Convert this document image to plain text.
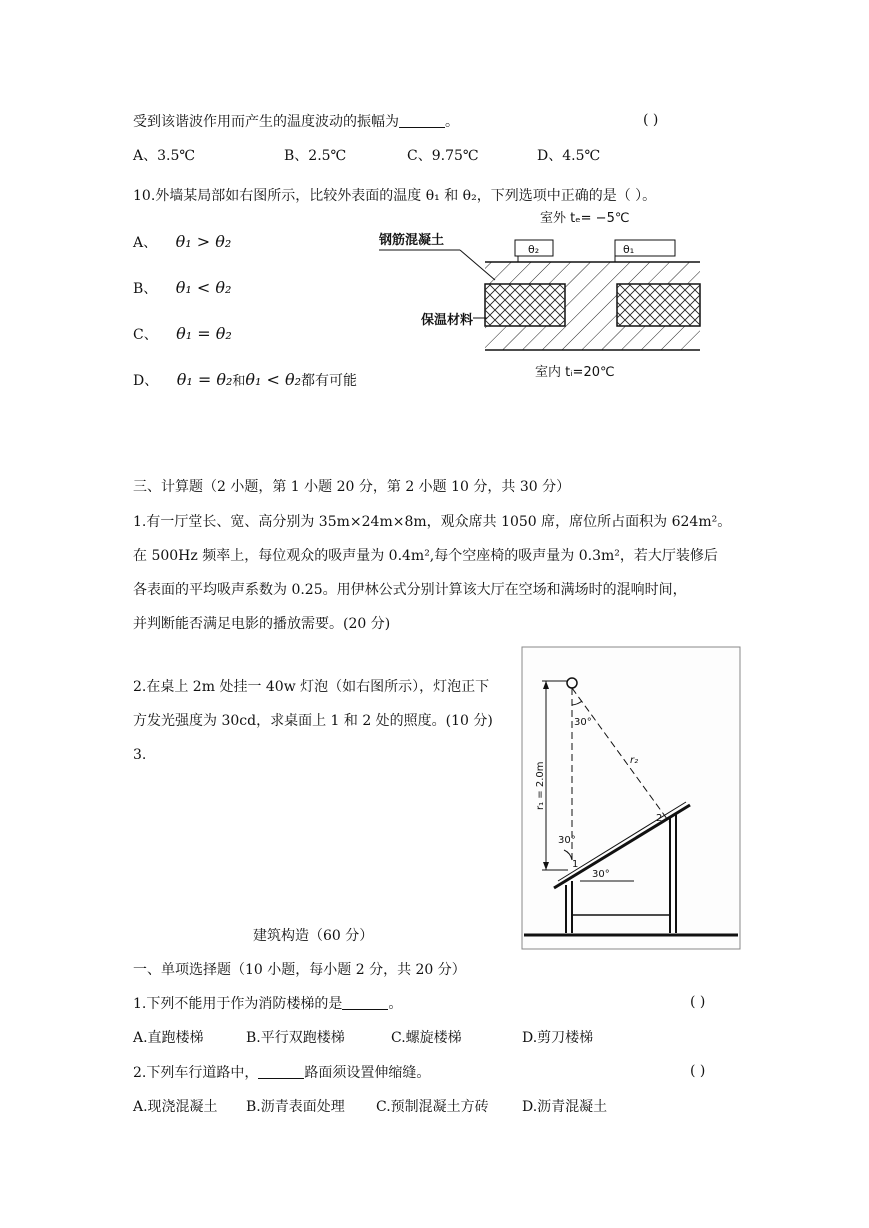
受到该谐波作用而产生的温度波动的振幅为	。	( )
A、3.5℃	B、2.5℃	C、9.75℃	D、4.5℃
10.外墙某局部如右图所示，比较外表面的温度 θ₁ 和 θ₂，下列选项中正确的是（ ）。
A、 θ₁ > θ₂
B、 θ₁ < θ₂
C、 θ₁ = θ₂
D、 θ₁ = θ₂和θ₁ < θ₂都有可能
室外 tₑ= −5℃
钢筋混凝土
θ₂	θ₁
保温材料
室内 tᵢ=20℃
三、计算题（2 小题，第 1 小题 20 分，第 2 小题 10 分，共 30 分）
1.有一厅堂长、宽、高分别为 35m×24m×8m，观众席共 1050 席，席位所占面积为 624m²。
在 500Hz 频率上，每位观众的吸声量为 0.4m²,每个空座椅的吸声量为 0.3m²，若大厅装修后
各表面的平均吸声系数为 0.25。用伊林公式分别计算该大厅在空场和满场时的混响时间，
并判断能否满足电影的播放需要。(20 分)
2.在桌上 2m 处挂一 40w 灯泡（如右图所示），灯泡正下
方发光强度为 30cd，求桌面上 1 和 2 处的照度。(10 分)
3.
30°
r₂
r₁ = 2.0m
2
1
30°
30°
建筑构造（60 分）
一、单项选择题（10 小题，每小题 2 分，共 20 分）
1.下列不能用于作为消防楼梯的是	。	( )
A.直跑楼梯	B.平行双跑楼梯	C.螺旋楼梯	D.剪刀楼梯
2.下列车行道路中，	路面须设置伸缩缝。	( )
A.现浇混凝土 B.沥青表面处理 C.预制混凝土方砖 D.沥青混凝土
